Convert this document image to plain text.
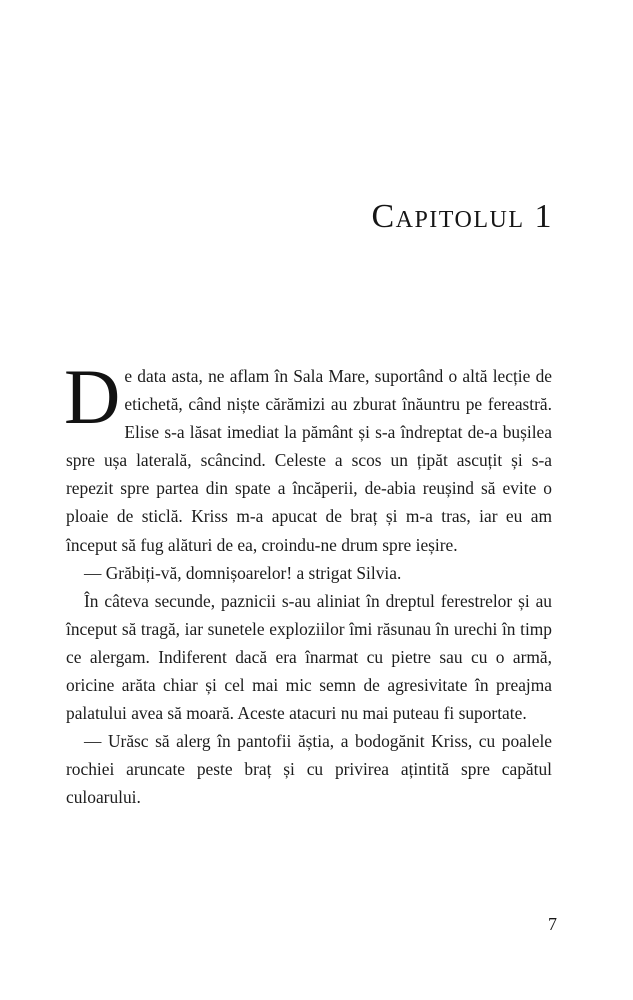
Capitolul 1

De data asta, ne aflam în Sala Mare, suportând o altă lecție de etichetă, când niște cărămizi au zburat înăuntru pe fereastră. Elise s-a lăsat imediat la pământ și s-a îndreptat de-a bușilea spre ușa laterală, scâncind. Celeste a scos un țipăt ascuțit și s-a repezit spre partea din spate a încăperii, de-abia reușind să evite o ploaie de sticlă. Kriss m-a apucat de braț și m-a tras, iar eu am început să fug alături de ea, croindu-ne drum spre ieșire.

— Grăbiți-vă, domnișoarelor! a strigat Silvia.

În câteva secunde, paznicii s-au aliniat în dreptul ferestrelor și au început să tragă, iar sunetele exploziilor îmi răsunau în urechi în timp ce alergam. Indiferent dacă era înarmat cu pietre sau cu o armă, oricine arăta chiar și cel mai mic semn de agresivitate în preajma palatului avea să moară. Aceste atacuri nu mai puteau fi suportate.

— Urăsc să alerg în pantofii ăștia, a bodogănit Kriss, cu poalele rochiei aruncate peste braț și cu privirea ațintită spre capătul culoarului.

7
